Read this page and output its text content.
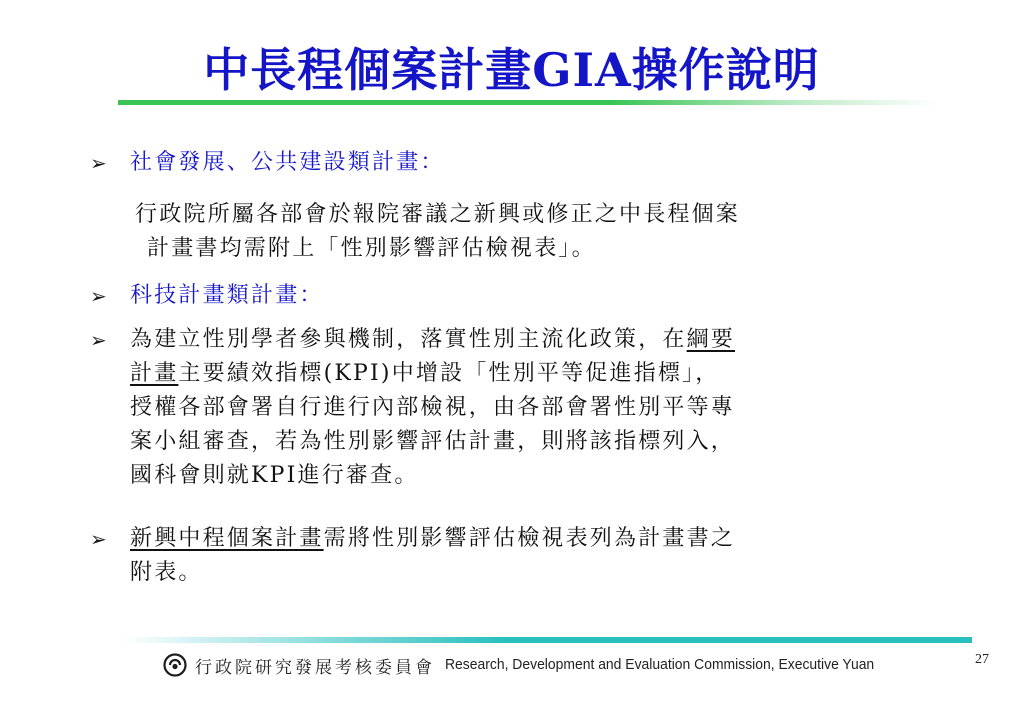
中長程個案計畫GIA操作說明
➢	社會發展、公共建設類計畫：
行政院所屬各部會於報院審議之新興或修正之中長程個案
計畫書均需附上「性別影響評估檢視表」。
➢	科技計畫類計畫：
➢	為建立性別學者參與機制，落實性別主流化政策，在綱要
計畫主要績效指標(KPI)中增設「性別平等促進指標」，
授權各部會署自行進行內部檢視，由各部會署性別平等專
案小組審查，若為性別影響評估計畫，則將該指標列入，
國科會則就KPI進行審查。
➢	新興中程個案計畫需將性別影響評估檢視表列為計畫書之
附表。
行政院研究發展考核委員會 Research, Development and Evaluation Commission, Executive Yuan	27
